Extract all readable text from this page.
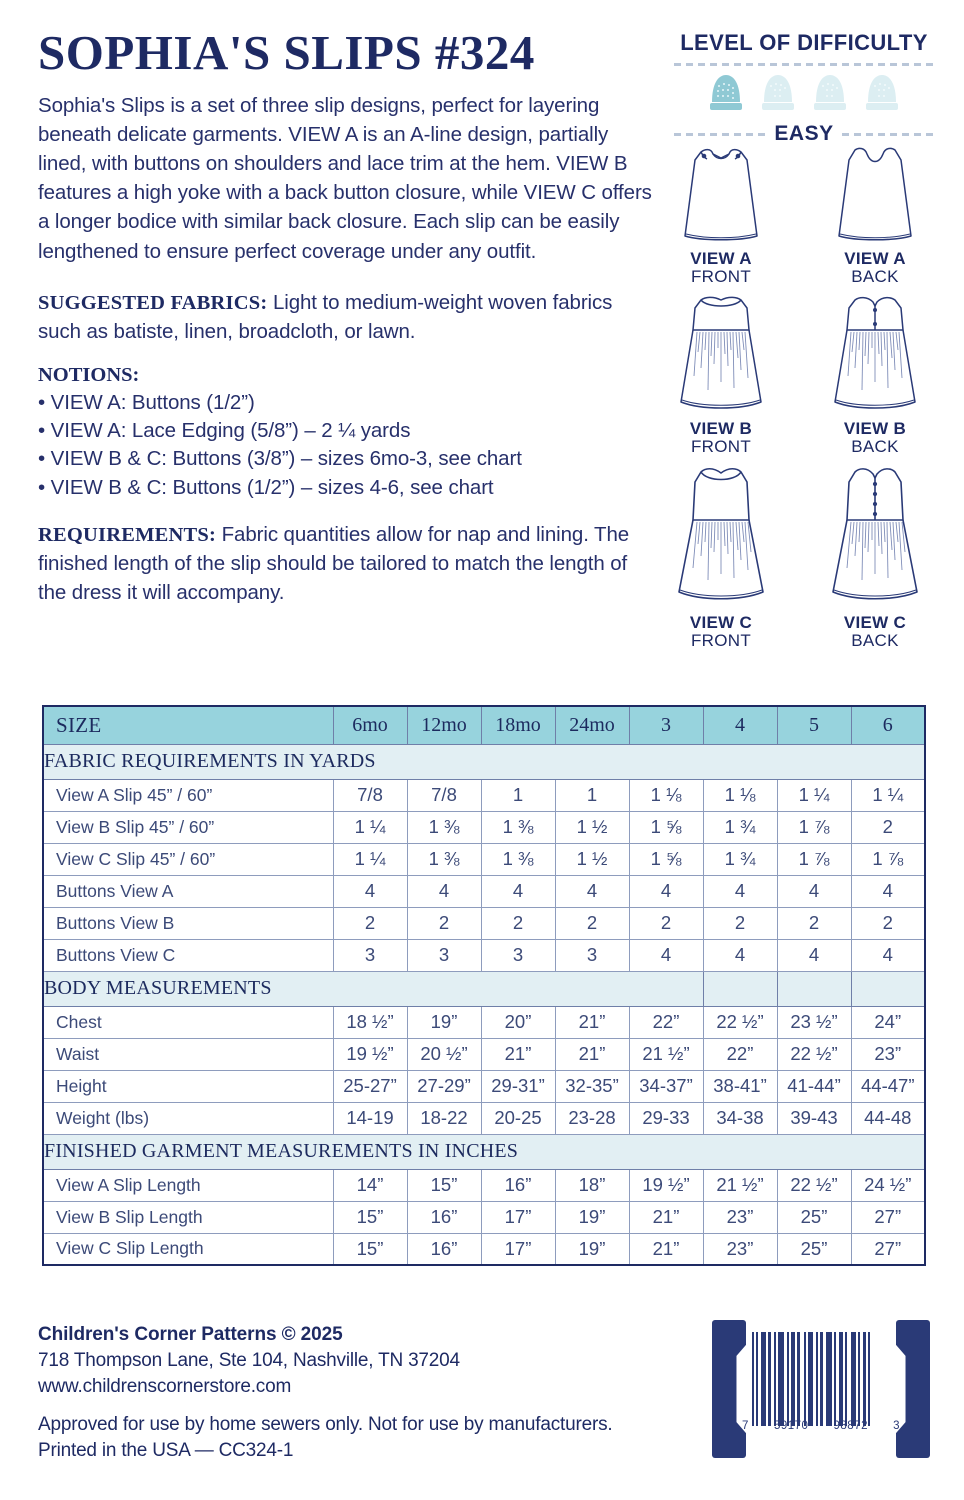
SOPHIA'S SLIPS #324

Sophia's Slips is a set of three slip designs, perfect for layering beneath delicate garments. VIEW A is an A-line design, partially lined, with buttons on shoulders and lace trim at the hem. VIEW B features a high yoke with a back button closure, while VIEW C offers a longer bodice with similar back closure. Each slip can be easily lengthened to ensure perfect coverage under any outfit.

SUGGESTED FABRICS: Light to medium-weight woven fabrics such as batiste, linen, broadcloth, or lawn.
NOTIONS:
• VIEW A: Buttons (1/2”)
• VIEW A: Lace Edging (5/8”) – 2 ¼ yards
• VIEW B & C: Buttons (3/8”) – sizes 6mo-3, see chart
• VIEW B & C: Buttons (1/2”) – sizes 4-6, see chart
REQUIREMENTS: Fabric quantities allow for nap and lining. The finished length of the slip should be tailored to match the length of the dress it will accompany.
LEVEL OF DIFFICULTY
EASY
VIEW A
FRONT
VIEW A
BACK
VIEW B
FRONT
VIEW B
BACK
VIEW C
FRONT
VIEW C
BACK
SIZE	6mo	12mo	18mo	24mo	3	4	5	6
FABRIC REQUIREMENTS IN YARDS								
View A Slip 45” / 60”	7/8	7/8	1	1	1 ⅛	1 ⅛	1 ¼	1 ¼
View B Slip 45” / 60”	1 ¼	1 ⅜	1 ⅜	1 ½	1 ⅝	1 ¾	1 ⅞	2
View C Slip 45” / 60”	1 ¼	1 ⅜	1 ⅜	1 ½	1 ⅝	1 ¾	1 ⅞	1 ⅞
Buttons View A	4	4	4	4	4	4	4	4
Buttons View B	2	2	2	2	2	2	2	2
Buttons View C	3	3	3	3	4	4	4	4
BODY MEASUREMENTS								
Chest	18 ½”	19”	20”	21”	22”	22 ½”	23 ½”	24”
Waist	19 ½”	20 ½”	21”	21”	21 ½”	22”	22 ½”	23”
Height	25-27”	27-29”	29-31”	32-35”	34-37”	38-41”	41-44”	44-47”
Weight (lbs)	14-19	18-22	20-25	23-28	29-33	34-38	39-43	44-48
FINISHED GARMENT MEASUREMENTS IN INCHES								
View A Slip Length	14”	15”	16”	18”	19 ½”	21 ½”	22 ½”	24 ½”
View B Slip Length	15”	16”	17”	19”	21”	23”	25”	27”
View C Slip Length	15”	16”	17”	19”	21”	23”	25”	27”
Children's Corner Patterns © 2025
718 Thompson Lane, Ste 104, Nashville, TN 37204
www.childrenscornerstore.com
Approved for use by home sewers only. Not for use by manufacturers.
Printed in the USA — CC324-1
7 59170 98872 3
